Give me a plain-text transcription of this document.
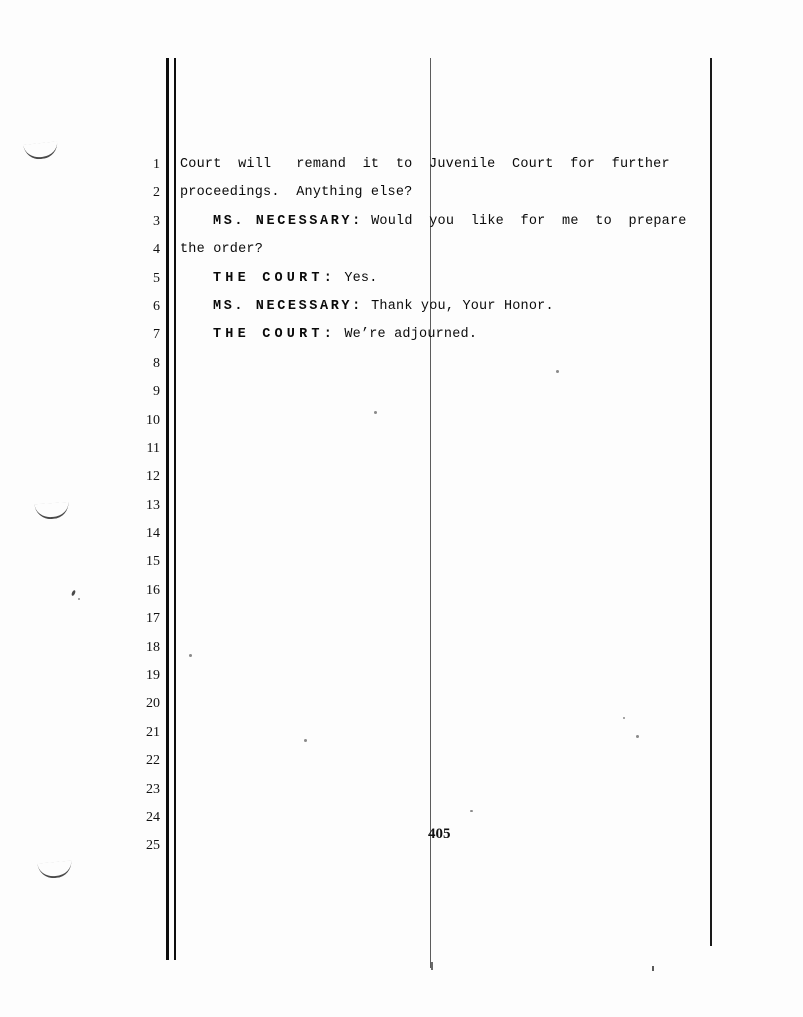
1
2
3
4
5
6
7
8
9
10
11
12
13
14
15
16
17
18
19
20
21
22
23
24
25
Court  will   remand  it  to  Juvenile  Court  for  further
proceedings.  Anything else?
MS. NECESSARY: Would  you  like  for  me  to  prepare
the order?
THE COURT: Yes.
MS. NECESSARY: Thank you, Your Honor.
THE COURT: We’re adjourned.
405
